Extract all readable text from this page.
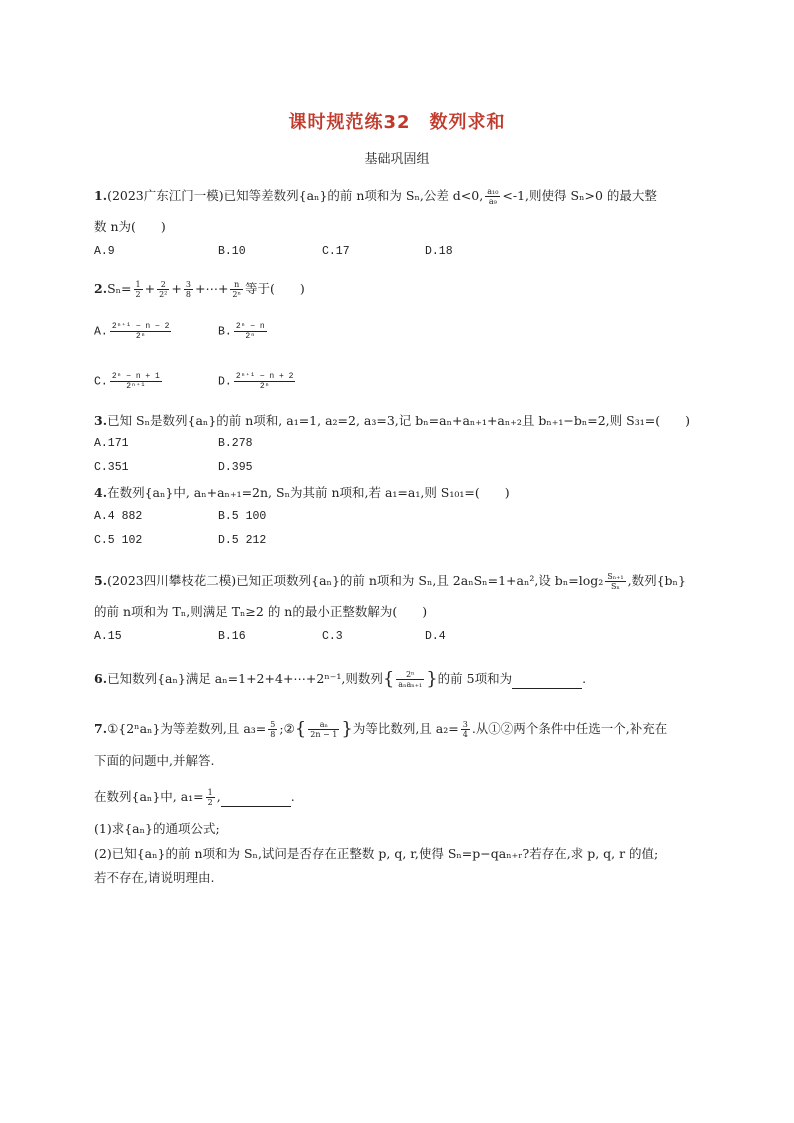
课时规范练32　数列求和
基础巩固组
1.(2023广东江门一模)已知等差数列{aₙ}的前 n项和为 Sₙ,公差 d<0, $\frac{\text{a₁₀}}{\text{a₉}} <-1$,则使得 Sₙ>0 的最大整
数 n为(　　)
A.9	B.10	C.17	D.18
$2.S_n= \frac{1}{2} + \frac{2}{\text{2²}} + \frac{3}{8}$ +⋯+ $\frac{n}{\text{2ⁿ}}$ 等于(　　)
A. $\frac{\text{2ⁿ⁺¹ − n − 2}}{\text{2ⁿ}}$	B. $\frac{\text{2ⁿ − n}}{\text{2ⁿ}}$
C. $\frac{\text{2ⁿ − n + 1}}{\text{2ⁿ⁺¹}}$	D. $\frac{\text{2ⁿ⁺¹ − n + 2}}{\text{2ⁿ}}$
3.已知 Sₙ是数列{aₙ}的前 n项和, a₁=1, a₂=2, a₃=3,记 bₙ=aₙ+aₙ₊₁+aₙ₊₂且 bₙ₊₁−bₙ=2,则 S₃₁=(　　)
A.171	B.278
C.351	D.395
4.在数列{aₙ}中, aₙ+aₙ₊₁=2n, Sₙ为其前 n项和,若 a₁=a₁,则 S₁₀₁=(　　)
A.4 882	B.5 100
C.5 102	D.5 212
5.(2023四川攀枝花二模)已知正项数列{aₙ}的前 n项和为 Sₙ,且 2aₙSₙ=1+aₙ²,设 $b_n=\log_2 \frac{\text{Sₙ₊₁}}{\text{Sₙ}}$ ,数列{bₙ}
的前 n项和为 Tₙ,则满足 Tₙ≥2 的 n的最小正整数解为(　　)
A.15	B.16	C.3	D.4
6.已知数列{aₙ}满足 aₙ=1+2+4+⋯+2ⁿ⁻¹,则数列{ $\frac{\text{2ⁿ}}{\text{aₙaₙ₊₁}}$ }的前 5项和为	.
7.①{2ⁿaₙ}为等差数列,且 $a_3= \frac{5}{8}$ ;②{ $\frac{\text{aₙ}}{2n - 1}$ }为等比数列,且 $a_2= \frac{3}{4}$ .从①②两个条件中任选一个,补充在
下面的问题中,并解答.
在数列{aₙ}中, $a_1= \frac{1}{2}$ ,	.
(1)求{aₙ}的通项公式;
(2)已知{aₙ}的前 n项和为 Sₙ,试问是否存在正整数 p, q, r,使得 Sₙ=p−qaₙ₊ᵣ?若存在,求 p, q, r 的值;
若不存在,请说明理由.
